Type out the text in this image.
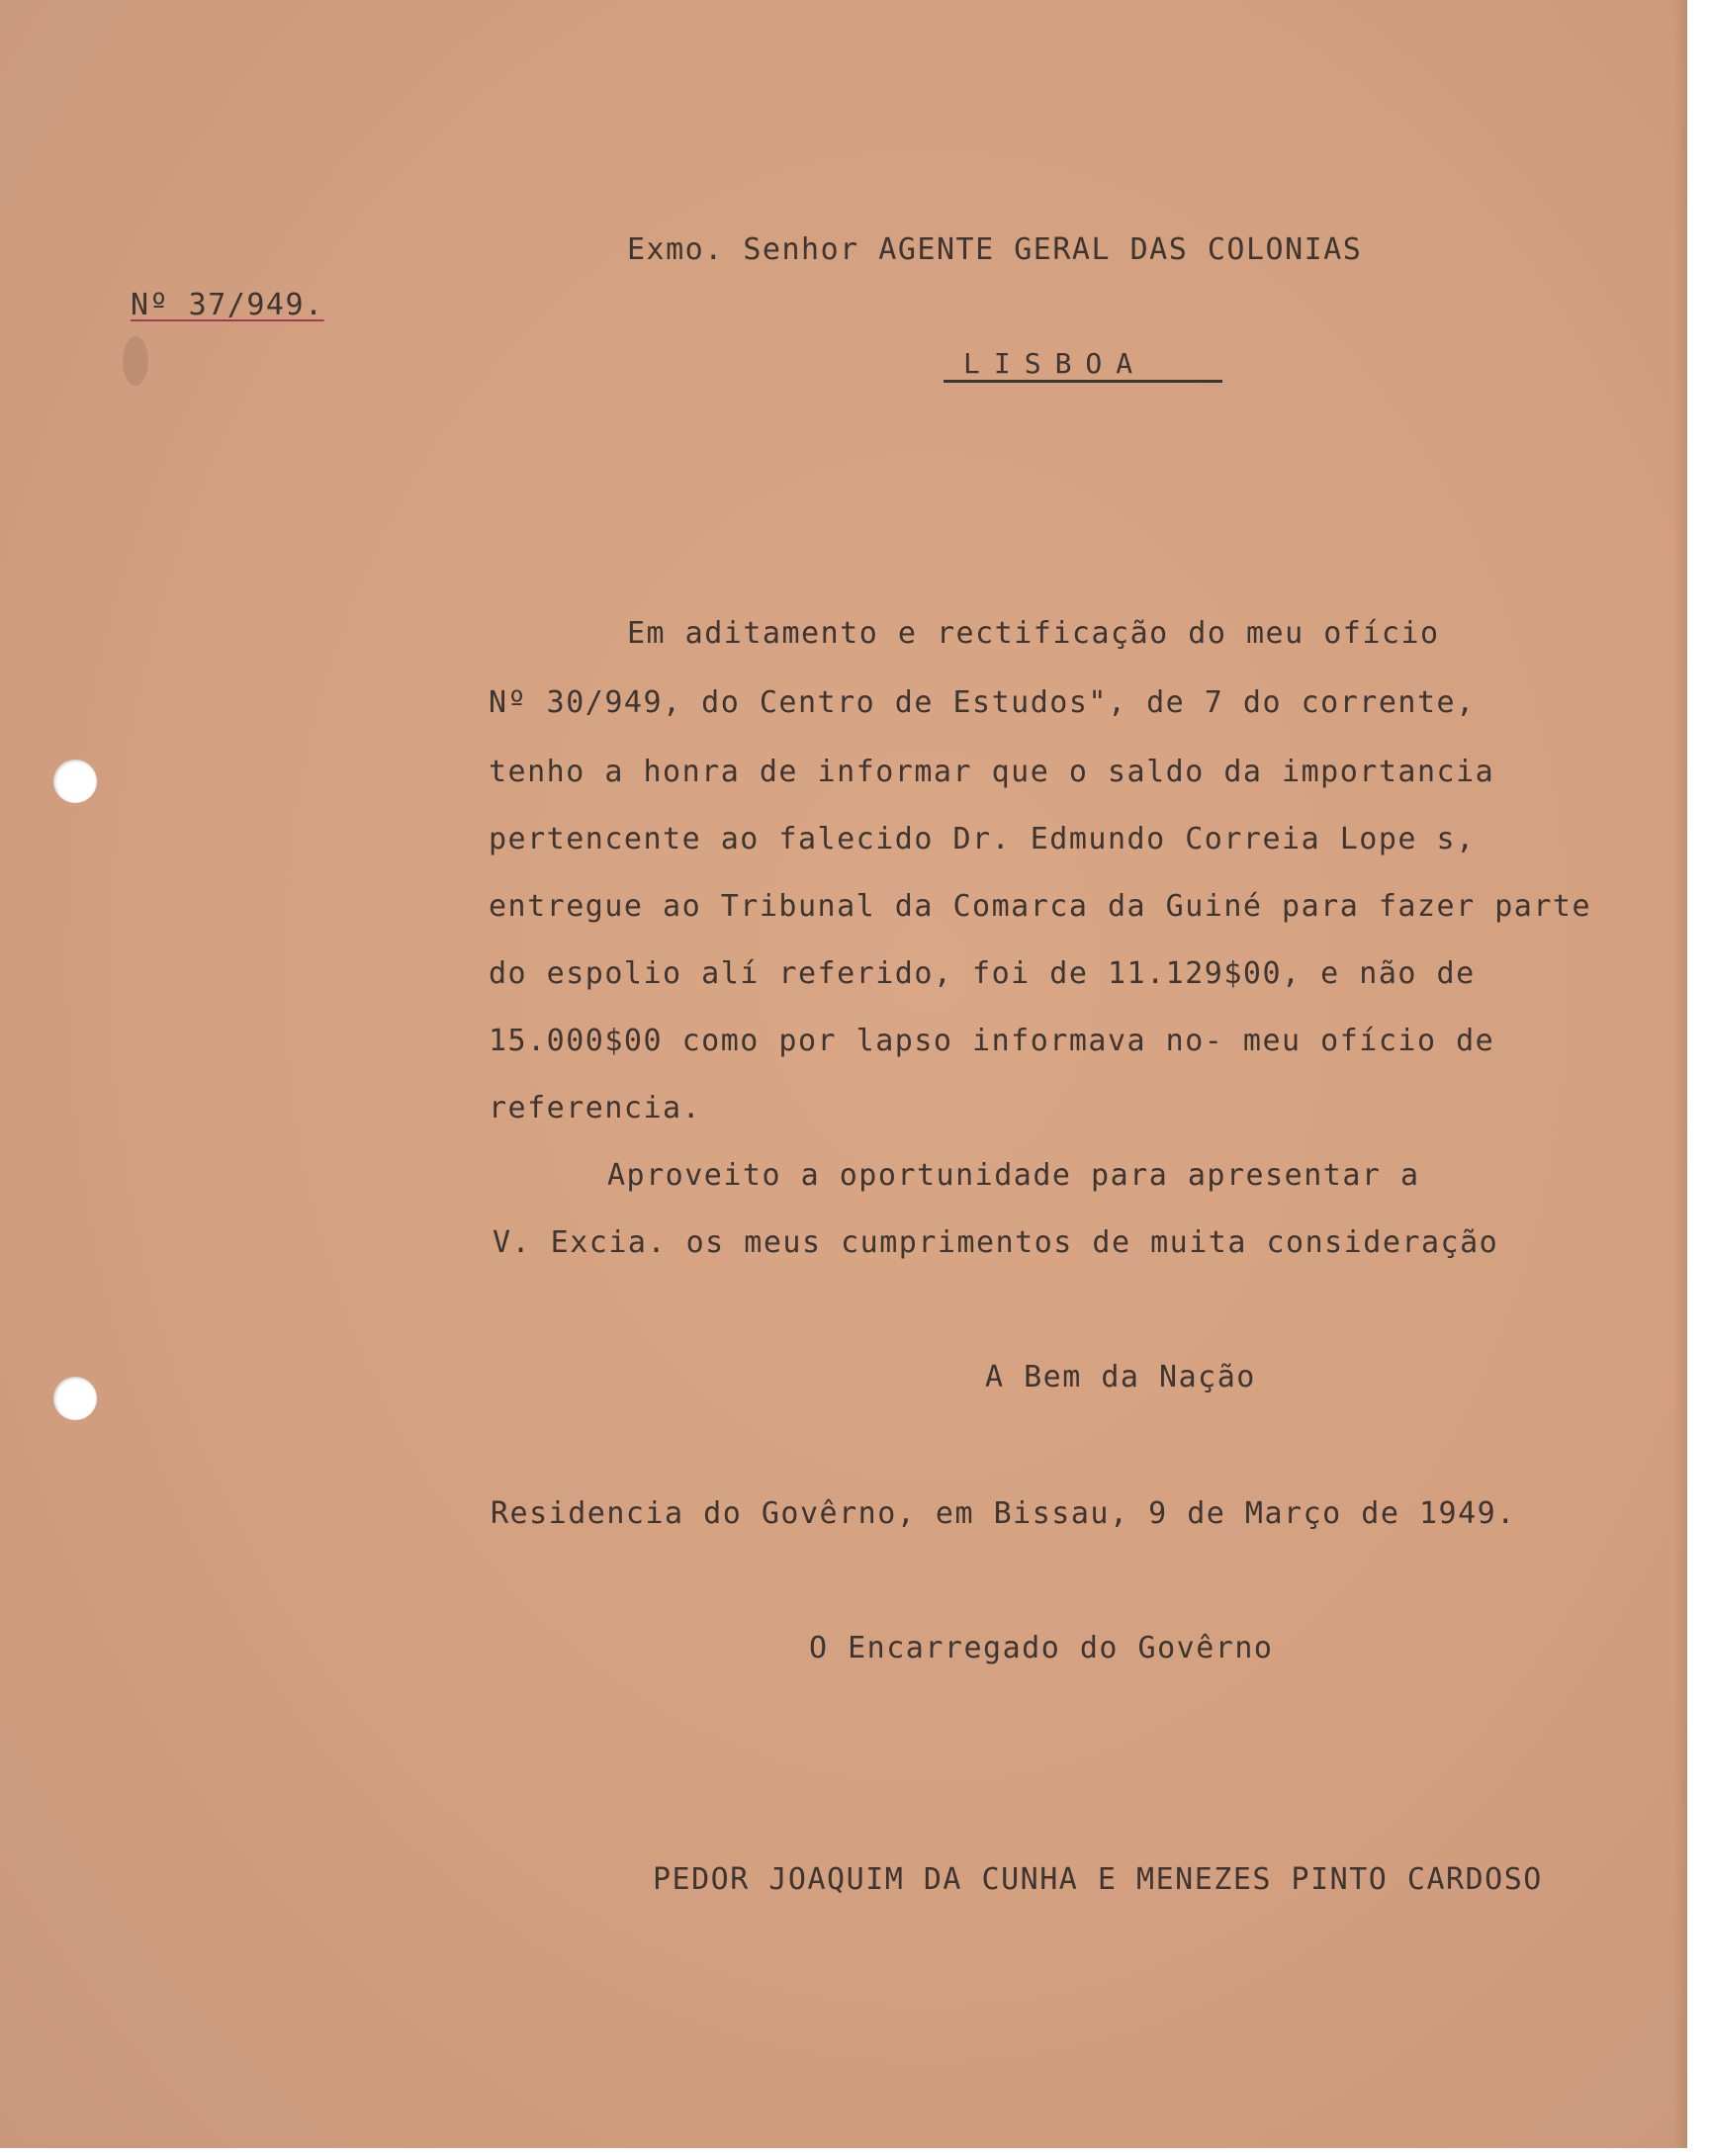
Exmo. Senhor AGENTE GERAL DAS COLONIAS
Nº 37/949.
LISBOA
Em aditamento e rectificação do meu ofício
Nº 30/949, do Centro de Estudos", de 7 do corrente,
tenho a honra de informar que o saldo da importancia
pertencente ao falecido Dr. Edmundo Correia Lope s,
entregue ao Tribunal da Comarca da Guiné para fazer parte
do espolio alí referido, foi de 11.129$00, e não de
15.000$00 como por lapso informava no- meu ofício de
referencia.
Aproveito a oportunidade para apresentar a
V. Excia. os meus cumprimentos de muita consideração
A Bem da Nação
Residencia do Govêrno, em Bissau, 9 de Março de 1949.
O Encarregado do Govêrno
PEDOR JOAQUIM DA CUNHA E MENEZES PINTO CARDOSO
